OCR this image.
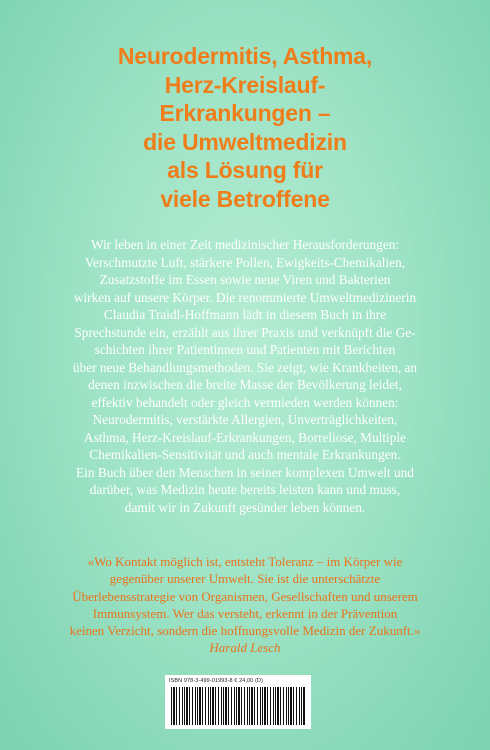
Neurodermitis, Asthma,
Herz-Kreislauf-
Erkrankungen –
die Umweltmedizin
als Lösung für
viele Betroffene

Wir leben in einer Zeit medizinischer Herausforderungen:
Verschmutzte Luft, stärkere Pollen, Ewigkeits-Chemikalien,
Zusatzstoffe im Essen sowie neue Viren und Bakterien
wirken auf unsere Körper. Die renommierte Umweltmedizinerin
Claudia Traidl-Hoffmann lädt in diesem Buch in ihre
Sprechstunde ein, erzählt aus ihrer Praxis und verknüpft die Ge-
schichten ihrer Patientinnen und Patienten mit Berichten
über neue Behandlungsmethoden. Sie zeigt, wie Krankheiten, an
denen inzwischen die breite Masse der Bevölkerung leidet,
effektiv behandelt oder gleich vermieden werden können:
Neurodermitis, verstärkte Allergien, Unverträglichkeiten,
Asthma, Herz-Kreislauf-Erkrankungen, Borreliose, Multiple
Chemikalien-Sensitivität und auch mentale Erkrankungen.
Ein Buch über den Menschen in seiner komplexen Umwelt und
darüber, was Medizin heute bereits leisten kann und muss,
damit wir in Zukunft gesünder leben können.

«Wo Kontakt möglich ist, entsteht Toleranz – im Körper wie
gegenüber unserer Umwelt. Sie ist die unterschätzte
Überlebensstrategie von Organismen, Gesellschaften und unserem
Immunsystem. Wer das versteht, erkennt in der Prävention
keinen Verzicht, sondern die hoffnungsvolle Medizin der Zukunft.»
Harald Lesch
ISBN 978-3-499-01993-8 € 24,00 (D)
